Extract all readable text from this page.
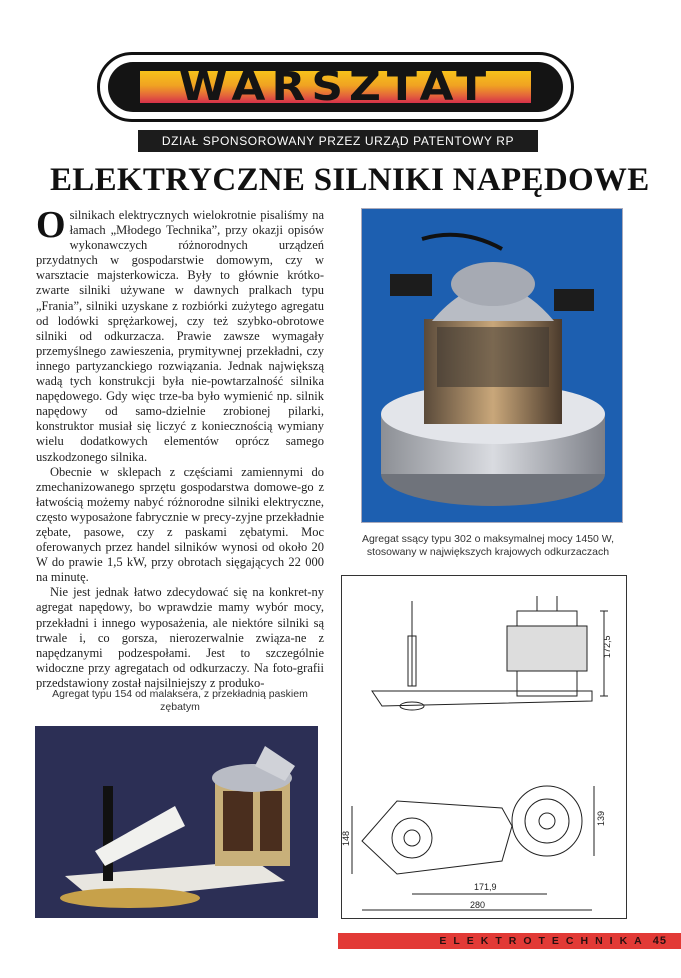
WARSZTAT
DZIAŁ SPONSOROWANY PRZEZ URZĄD PATENTOWY RP
ELEKTRYCZNE SILNIKI NAPĘDOWE

Osilnikach elektrycznych wielokrotnie pisaliśmy na łamach „Młodego Technika”, przy okazji opisów wykonawczych różnorodnych urządzeń przydatnych w gospodarstwie domowym, czy w warsztacie majsterkowicza. Były to głównie krótko-zwarte silniki używane w dawnych pralkach typu „Frania”, silniki uzyskane z rozbiórki zużytego agregatu od lodówki sprężarkowej, czy też szybko-obrotowe silniki od odkurzacza. Prawie zawsze wymagały przemyślnego zawieszenia, prymitywnej przekładni, czy innego partyzanckiego rozwiązania. Jednak największą wadą tych konstrukcji była nie-powtarzalność silnika napędowego. Gdy więc trze-ba było wymienić np. silnik napędowy od samo-dzielnie zrobionej pilarki, konstruktor musiał się liczyć z koniecznością wymiany wielu dodatkowych elementów oprócz samego uszkodzonego silnika.

Obecnie w sklepach z częściami zamiennymi do zmechanizowanego sprzętu gospodarstwa domowe-go z łatwością możemy nabyć różnorodne silniki elektryczne, często wyposażone fabrycznie w precy-zyjne przekładnie zębate, pasowe, czy z paskami zębatymi. Moc oferowanych przez handel silników wynosi od około 20 W do prawie 1,5 kW, przy obrotach sięgających 22 000 na minutę.

Nie jest jednak łatwo zdecydować się na konkret-ny agregat napędowy, bo wprawdzie mamy wybór mocy, przekładni i innego wyposażenia, ale niektóre silniki są trwale i, co gorsza, nierozerwalnie związa-ne z napędzanymi podzespołami. Jest to szczególnie widoczne przy agregatach od odkurzaczy. Na foto-grafii przedstawiony został najsilniejszy z produko-

Agregat ssący typu 302 o maksymalnej mocy 1450 W, stosowany w największych krajowych odkurzaczach
172,5
148
139
171,9
280
Agregat typu 154 od malaksera, z przekładnią paskiem zębatym
ELEKTROTECHNIKA 45
